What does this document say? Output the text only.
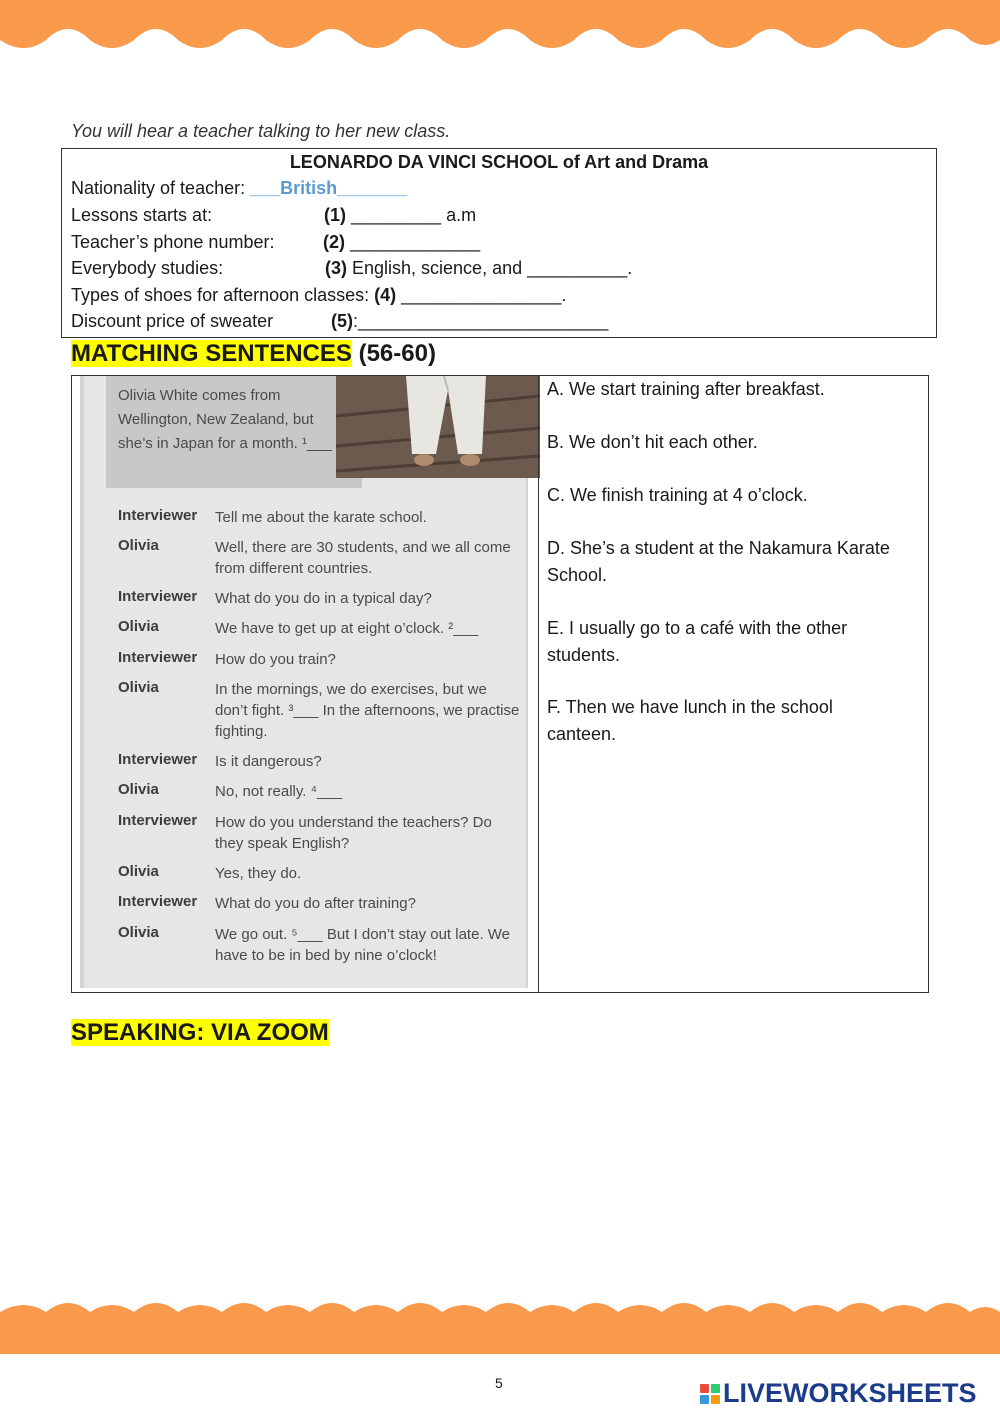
You will hear a teacher talking to her new class.
LEONARDO DA VINCI SCHOOL of Art and Drama
Nationality of teacher: ___British_______
Lessons starts at:	(1) _________ a.m
Teacher’s phone number:	(2) _____________
Everybody studies:	(3) English, science, and __________.
Types of shoes for afternoon classes: (4) ________________.
Discount price of sweater	(5):_________________________
MATCHING SENTENCES (56-60)
Olivia White comes from Wellington, New Zealand, but she’s in Japan for a month. ¹___
Interviewer Tell me about the karate school.
Olivia	Well, there are 30 students, and we all come from different countries.
Interviewer What do you do in a typical day?
Olivia	We have to get up at eight o’clock. ²___
Interviewer How do you train?
Olivia	In the mornings, we do exercises, but we don’t fight. ³___ In the afternoons, we practise fighting.
Interviewer Is it dangerous?
Olivia	No, not really. ⁴___
Interviewer How do you understand the teachers? Do they speak English?
Olivia	Yes, they do.
Interviewer What do you do after training?
Olivia	We go out. ⁵___ But I don’t stay out late. We have to be in bed by nine o’clock!
A. We start training after breakfast.
B. We don’t hit each other.
C. We finish training at 4 o’clock.
D. She’s a student at the Nakamura Karate School.
E. I usually go to a café with the other students.
F. Then we have lunch in the school canteen.
SPEAKING: VIA ZOOM
5	LIVEWORKSHEETS
